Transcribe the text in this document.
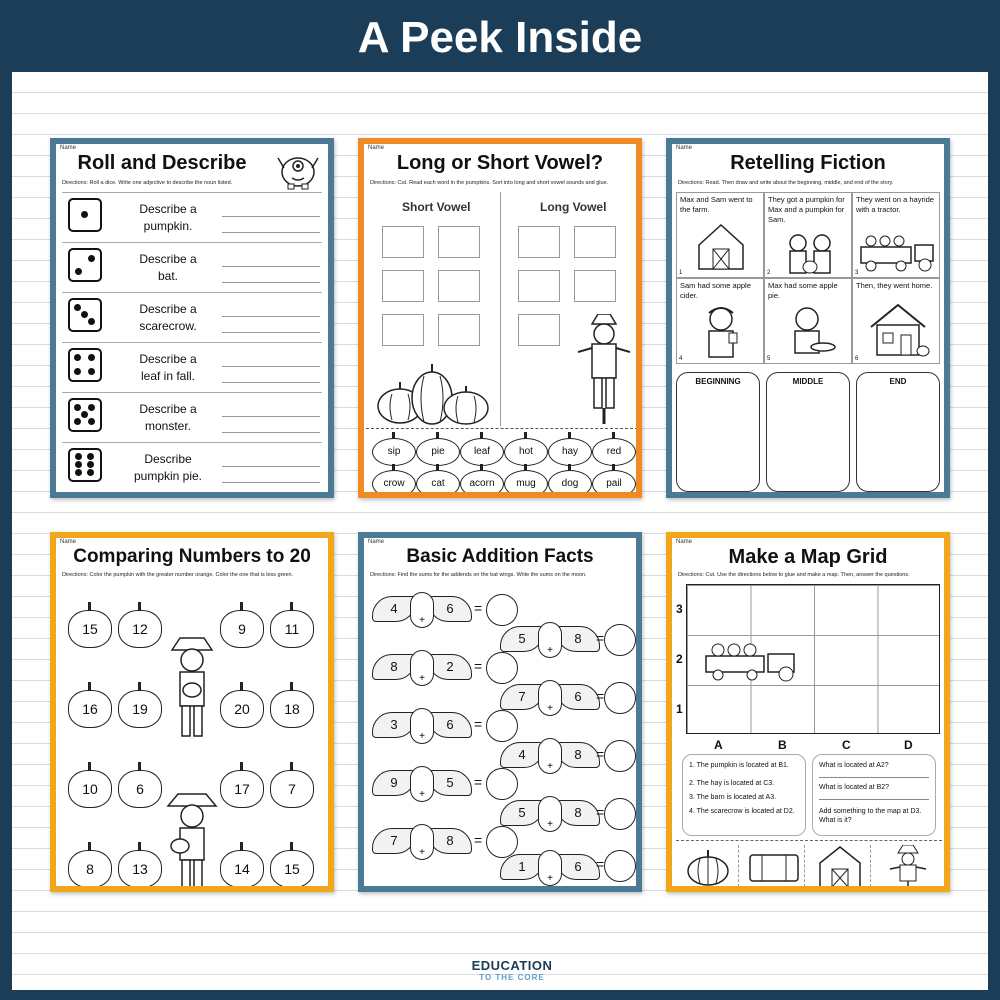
A Peek Inside
Name
Roll and Describe
Directions: Roll a dice. Write one adjective to describe the noun listed.
Describe a pumpkin.
Describe a bat.
Describe a scarecrow.
Describe a leaf in fall.
Describe a monster.
Describe pumpkin pie.
Name
Long or Short Vowel?
Directions: Cut. Read each word in the pumpkins. Sort into long and short vowel sounds and glue.
Short Vowel	Long Vowel
sip	pie	leaf	hot	hay	red
crow	cat	acorn	mug	dog	pail
Name
Retelling Fiction
Directions: Read. Then draw and write about the beginning, middle, and end of the story.
Max and Sam went to the farm.
1
They got a pumpkin for Max and a pumpkin for Sam.
2
They went on a hayride with a tractor.
3
Sam had some apple cider.
4
Max had some apple pie.
5
Then, they went home.
6
BEGINNING	MIDDLE	END
Name
Comparing Numbers to 20
Directions: Color the pumpkin with the greater number orange. Color the one that is less green.
15	12	9	11
16	19	20	18
10	6	17	7
8	13	14	15
Name
Basic Addition Facts
Directions: Find the sums for the addends on the bat wings. Write the sums on the moon.
4	6
+
=
8	2
+
=
3	6
+
=
9	5
+
=
7	8
+
=
5	8
+
=
7	6
+
=
4	8
+
=
5	8
+
=
1	6
+
=
Name
Make a Map Grid
Directions: Cut. Use the directions below to glue and make a map. Then, answer the questions.
3
2
1
A	B	C	D
1. The pumpkin is located at B1.
2. The hay is located at C3.
3. The barn is located at A3.
4. The scarecrow is located at D2.
What is located at A2?
What is located at B2?
Add something to the map at D3. What is it?
EDUCATION
TO THE CORE
